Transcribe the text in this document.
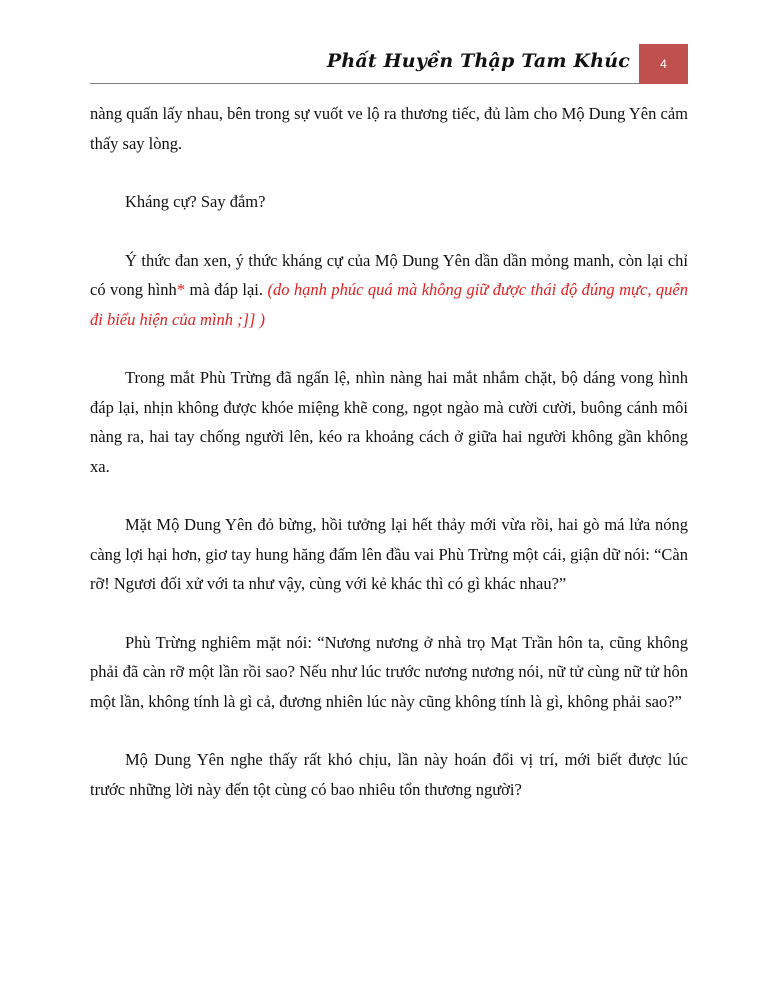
Phất Huyền Thập Tam Khúc	4

nàng quấn lấy nhau, bên trong sự vuốt ve lộ ra thương tiếc, đủ làm cho Mộ Dung Yên cảm thấy say lòng.

Kháng cự? Say đắm?

Ý thức đan xen, ý thức kháng cự của Mộ Dung Yên dần dần mỏng manh, còn lại chỉ có vong hình* mà đáp lại. (do hạnh phúc quá mà không giữ được thái độ đúng mực, quên đi biểu hiện của mình ;]] )

Trong mắt Phù Trừng đã ngấn lệ, nhìn nàng hai mắt nhắm chặt, bộ dáng vong hình đáp lại, nhịn không được khóe miệng khẽ cong, ngọt ngào mà cười cười, buông cánh môi nàng ra, hai tay chống người lên, kéo ra khoảng cách ở giữa hai người không gần không xa.

Mặt Mộ Dung Yên đỏ bừng, hồi tưởng lại hết thảy mới vừa rồi, hai gò má lửa nóng càng lợi hại hơn, giơ tay hung hăng đấm lên đầu vai Phù Trừng một cái, giận dữ nói: “Càn rỡ! Ngươi đối xử với ta như vậy, cùng với kẻ khác thì có gì khác nhau?”

Phù Trừng nghiêm mặt nói: “Nương nương ở nhà trọ Mạt Trần hôn ta, cũng không phải đã càn rỡ một lần rồi sao? Nếu như lúc trước nương nương nói, nữ tử cùng nữ tử hôn một lần, không tính là gì cả, đương nhiên lúc này cũng không tính là gì, không phải sao?”

Mộ Dung Yên nghe thấy rất khó chịu, lần này hoán đổi vị trí, mới biết được lúc trước những lời này đến tột cùng có bao nhiêu tổn thương người?
